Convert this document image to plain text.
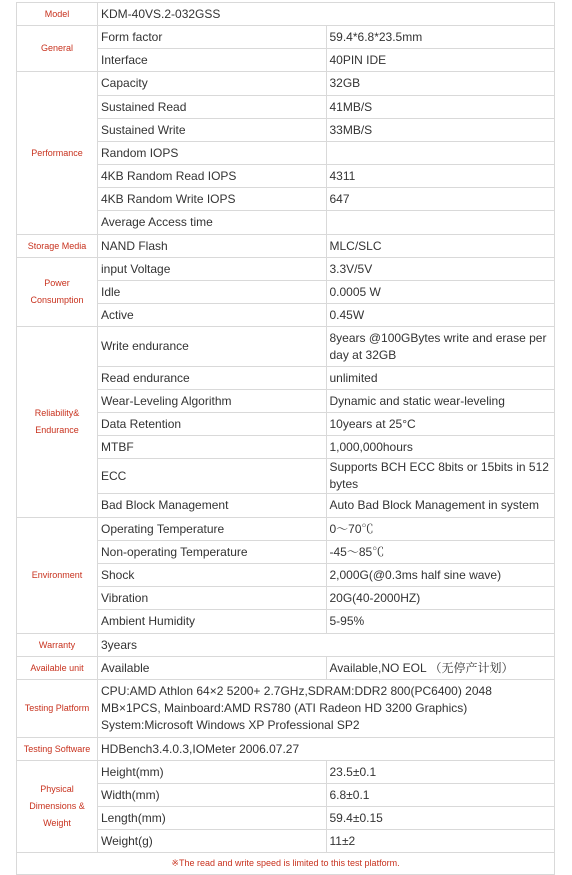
Model	KDM-40VS.2-032GSS	
General	Form factor	59.4*6.8*23.5mm
	Interface	40PIN IDE
Performance	Capacity	32GB
	Sustained Read	41MB/S
	Sustained Write	33MB/S
	Random IOPS	
	4KB Random Read IOPS	4311
	4KB Random Write IOPS	647
	Average Access time	
Storage Media	NAND Flash	MLC/SLC
Power Consumption	input Voltage	3.3V/5V
	Idle	0.0005 W
	Active	0.45W
Reliability& Endurance	Write endurance	8years @100GBytes write and erase per day at 32GB
	Read endurance	unlimited
	Wear-Leveling Algorithm	Dynamic and static wear-leveling
	Data Retention	10years at 25°C
	MTBF	1,000,000hours
	ECC	Supports BCH ECC 8bits or 15bits in 512 bytes
	Bad Block Management	Auto Bad Block Management in system
Environment	Operating Temperature	0～70℃
	Non-operating Temperature	-45～85℃
	Shock	2,000G(@0.3ms half sine wave)
	Vibration	20G(40-2000HZ)
	Ambient Humidity	5-95%
Warranty	3years	
Available unit	Available	Available,NO EOL （无停产计划）
Testing Platform	CPU:AMD Athlon 64×2 5200+ 2.7GHz,SDRAM:DDR2 800(PC6400) 2048 MB×1PCS, Mainboard:AMD RS780 (ATI Radeon HD 3200 Graphics) System:Microsoft Windows XP Professional SP2	
Testing Software	HDBench3.4.0.3,IOMeter 2006.07.27	
Physical Dimensions & Weight	Height(mm)	23.5±0.1
	Width(mm)	6.8±0.1
	Length(mm)	59.4±0.15
	Weight(g)	11±2
※The read and write speed is limited to this test platform.		
